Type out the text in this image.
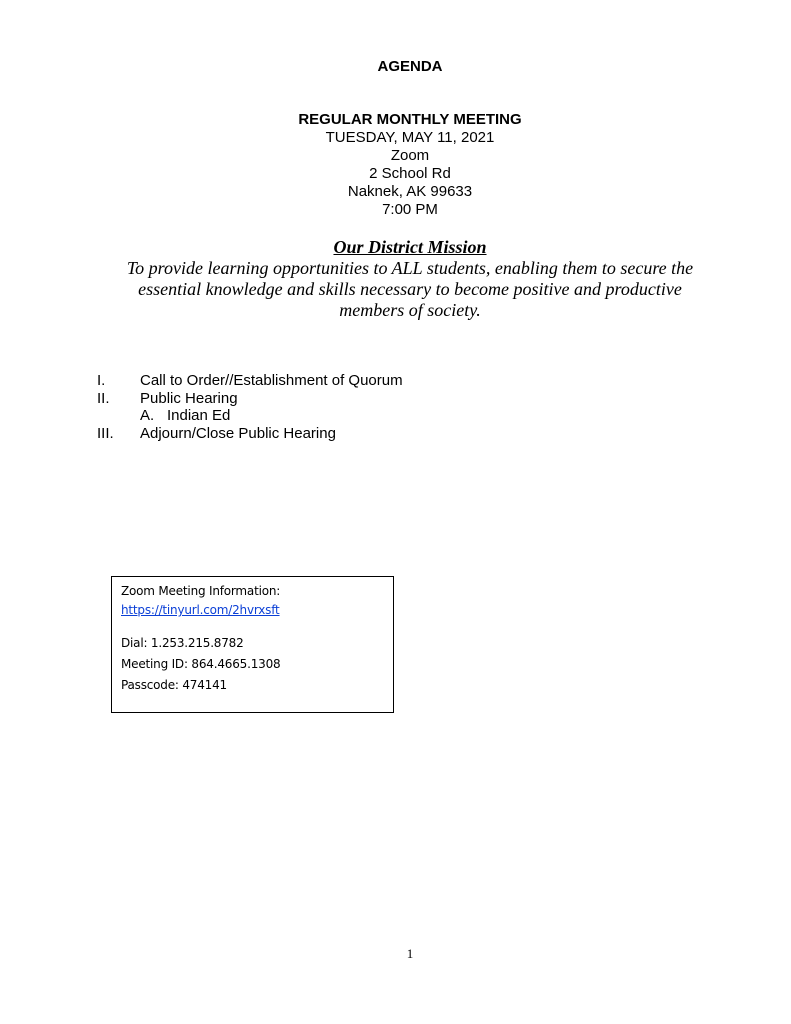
AGENDA
REGULAR MONTHLY MEETING
TUESDAY, MAY 11, 2021
Zoom
2 School Rd
Naknek, AK 99633
7:00 PM
Our District Mission
To provide learning opportunities to ALL students, enabling them to secure the
essential knowledge and skills necessary to become positive and productive
members of society.
I. Call to Order//Establishment of Quorum
II. Public Hearing
A. Indian Ed
III. Adjourn/Close Public Hearing
Zoom Meeting Information:
https://tinyurl.com/2hvrxsft
Dial: 1.253.215.8782
Meeting ID: 864.4665.1308
Passcode: 474141
1
